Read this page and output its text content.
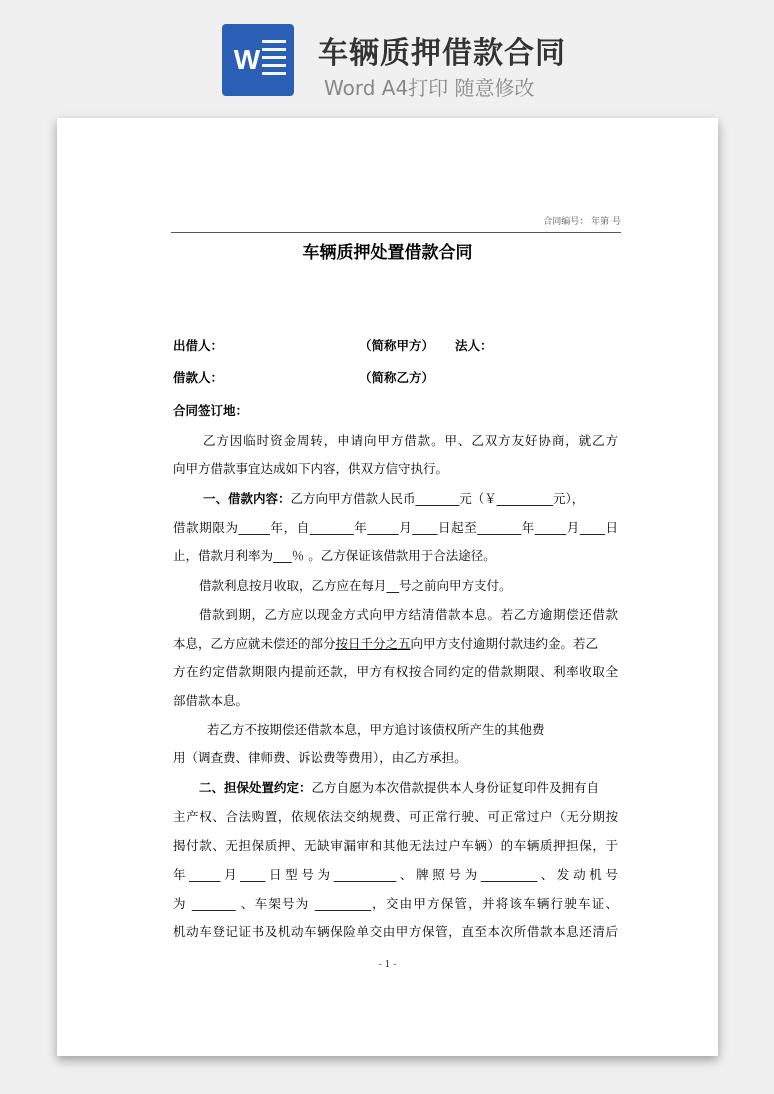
W 车辆质押借款合同
Word A4打印 随意修改

合同编号： 年第 号
车辆质押处置借款合同
出借人：	（简称甲方） 法人：
借款人：	（简称乙方）
合同签订地：
乙方因临时资金周转，申请向甲方借款。甲、乙双方友好协商，就乙方
向甲方借款事宜达成如下内容，供双方信守执行。
一、借款内容：乙方向甲方借款人民币_______元（￥_________元），
借款期限为_____年，自_______年_____月____日起至_______年_____月____日
止，借款月利率为___％ 。乙方保证该借款用于合法途径。
借款利息按月收取，乙方应在每月__号之前向甲方支付。
借款到期，乙方应以现金方式向甲方结清借款本息。若乙方逾期偿还借款
本息，乙方应就未偿还的部分按日千分之五向甲方支付逾期付款违约金。若乙
方在约定借款期限内提前还款，甲方有权按合同约定的借款期限、利率收取全
部借款本息。
若乙方不按期偿还借款本息，甲方追讨该债权所产生的其他费
用（调查费、律师费、诉讼费等费用），由乙方承担。
二、担保处置约定：乙方自愿为本次借款提供本人身份证复印件及拥有自
主产权、合法购置，依规依法交纳规费、可正常行驶、可正常过户（无分期按
揭付款、无担保质押、无缺审漏审和其他无法过户车辆）的车辆质押担保，于
年_____月____日型号为__________、牌照号为_________、发动机号
为 _______ 、车架号为 _________，交由甲方保管，并将该车辆行驶车证、
机动车登记证书及机动车辆保险单交由甲方保管，直至本次所借款本息还清后
- 1 -
